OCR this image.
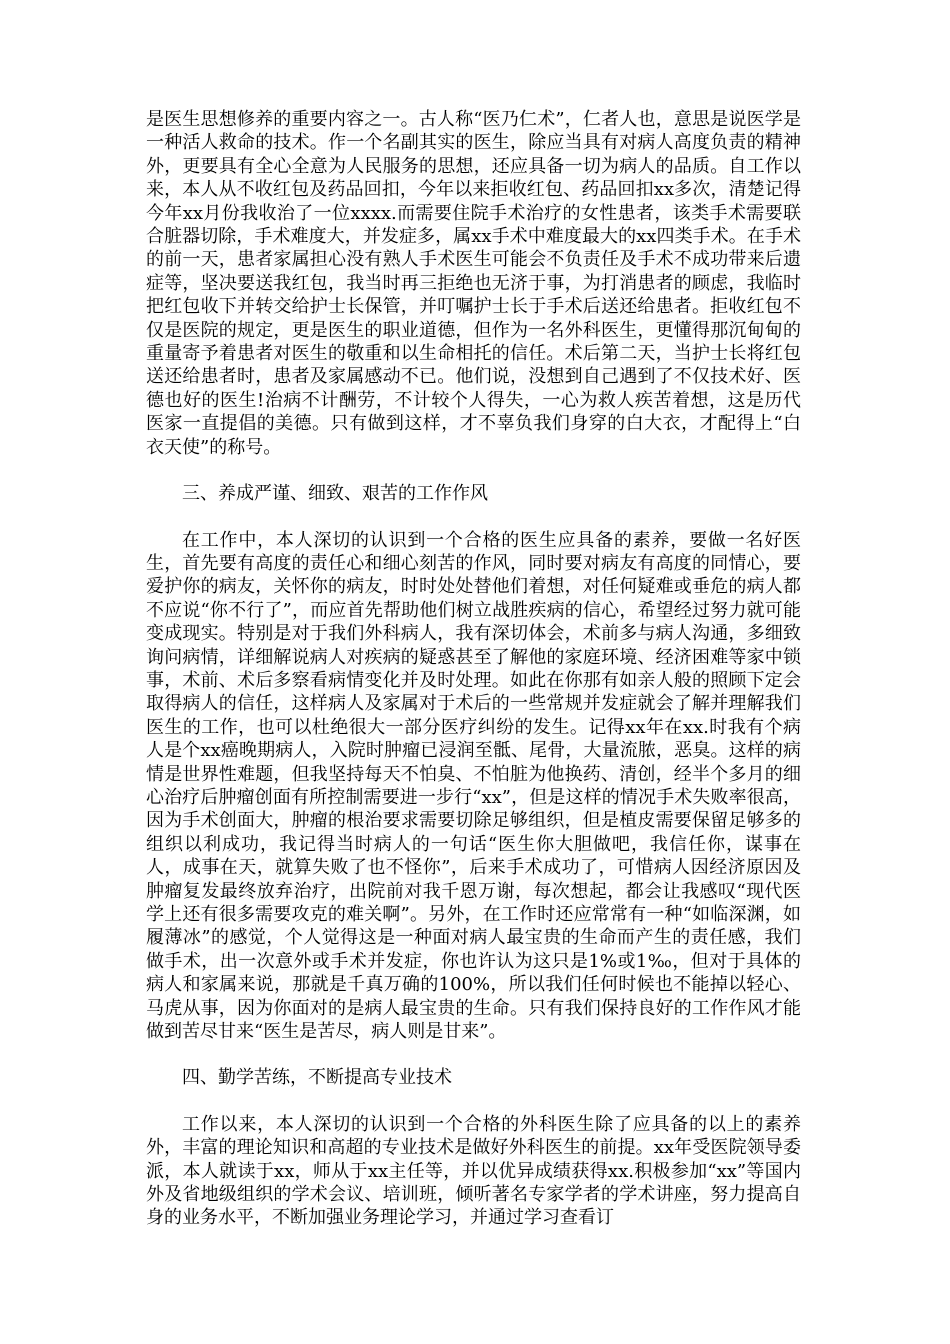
是医生思想修养的重要内容之一。古人称“医乃仁术”，仁者人也，意思是说医学是一种活人救命的技术。作一个名副其实的医生，除应当具有对病人高度负责的精神外，更要具有全心全意为人民服务的思想，还应具备一切为病人的品质。自工作以来，本人从不收红包及药品回扣，今年以来拒收红包、药品回扣xx多次，清楚记得今年xx月份我收治了一位xxxx.而需要住院手术治疗的女性患者，该类手术需要联合脏器切除，手术难度大，并发症多，属xx手术中难度最大的xx四类手术。在手术的前一天，患者家属担心没有熟人手术医生可能会不负责任及手术不成功带来后遗症等，坚决要送我红包，我当时再三拒绝也无济于事，为打消患者的顾虑，我临时把红包收下并转交给护士长保管，并叮嘱护士长于手术后送还给患者。拒收红包不仅是医院的规定，更是医生的职业道德，但作为一名外科医生，更懂得那沉甸甸的重量寄予着患者对医生的敬重和以生命相托的信任。术后第二天，当护士长将红包送还给患者时，患者及家属感动不已。他们说，没想到自己遇到了不仅技术好、医德也好的医生!治病不计酬劳，不计较个人得失，一心为救人疾苦着想，这是历代医家一直提倡的美德。只有做到这样，才不辜负我们身穿的白大衣，才配得上“白衣天使”的称号。

三、养成严谨、细致、艰苦的工作作风

在工作中，本人深切的认识到一个合格的医生应具备的素养，要做一名好医生，首先要有高度的责任心和细心刻苦的作风，同时要对病友有高度的同情心，要爱护你的病友，关怀你的病友，时时处处替他们着想，对任何疑难或垂危的病人都不应说“你不行了”，而应首先帮助他们树立战胜疾病的信心，希望经过努力就可能变成现实。特别是对于我们外科病人，我有深切体会，术前多与病人沟通，多细致询问病情，详细解说病人对疾病的疑惑甚至了解他的家庭环境、经济困难等家中锁事，术前、术后多察看病情变化并及时处理。如此在你那有如亲人般的照顾下定会取得病人的信任，这样病人及家属对于术后的一些常规并发症就会了解并理解我们医生的工作，也可以杜绝很大一部分医疗纠纷的发生。记得xx年在xx.时我有个病人是个xx癌晚期病人，入院时肿瘤已浸润至骶、尾骨，大量流脓，恶臭。这样的病情是世界性难题，但我坚持每天不怕臭、不怕脏为他换药、清创，经半个多月的细心治疗后肿瘤创面有所控制需要进一步行“xx”，但是这样的情况手术失败率很高，因为手术创面大，肿瘤的根治要求需要切除足够组织，但是植皮需要保留足够多的组织以利成功，我记得当时病人的一句话“医生你大胆做吧，我信任你，谋事在人，成事在天，就算失败了也不怪你”，后来手术成功了，可惜病人因经济原因及肿瘤复发最终放弃治疗，出院前对我千恩万谢，每次想起，都会让我感叹“现代医学上还有很多需要攻克的难关啊”。另外，在工作时还应常常有一种“如临深渊，如履薄冰”的感觉，个人觉得这是一种面对病人最宝贵的生命而产生的责任感，我们做手术，出一次意外或手术并发症，你也许认为这只是1%或1‰，但对于具体的病人和家属来说，那就是千真万确的100%，所以我们任何时候也不能掉以轻心、马虎从事，因为你面对的是病人最宝贵的生命。只有我们保持良好的工作作风才能做到苦尽甘来“医生是苦尽，病人则是甘来”。

四、勤学苦练，不断提高专业技术

工作以来，本人深切的认识到一个合格的外科医生除了应具备的以上的素养外，丰富的理论知识和高超的专业技术是做好外科医生的前提。xx年受医院领导委派，本人就读于xx，师从于xx主任等，并以优异成绩获得xx.积极参加“xx”等国内外及省地级组织的学术会议、培训班，倾听著名专家学者的学术讲座，努力提高自身的业务水平，不断加强业务理论学习，并通过学习查看订
